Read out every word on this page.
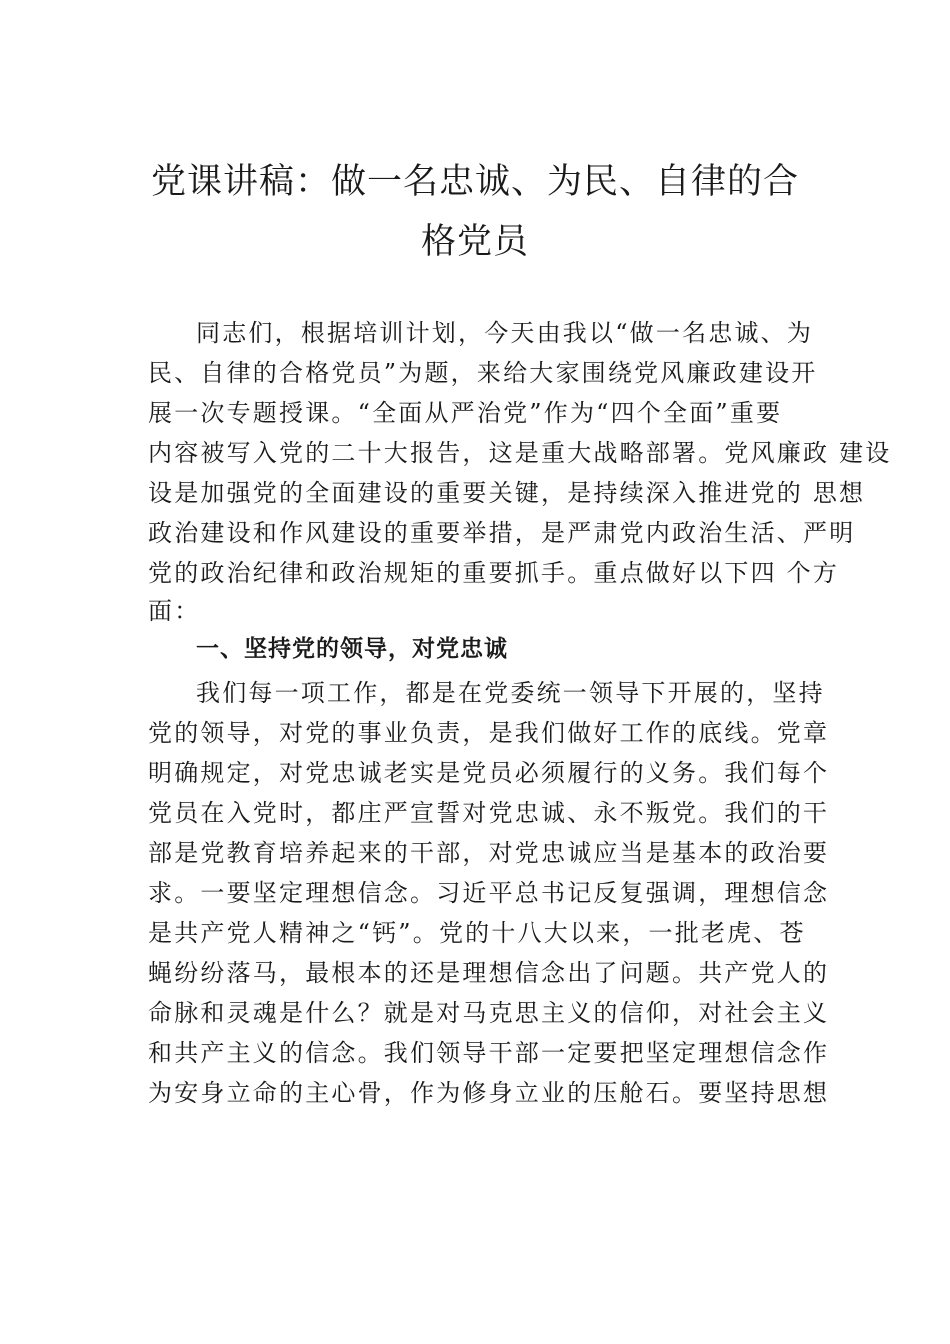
党课讲稿：做一名忠诚、为民、自律的合
格党员
同志们，根据培训计划，今天由我以“做一名忠诚、为
民、自律的合格党员”为题，来给大家围绕党风廉政建设开
展一次专题授课。“全面从严治党”作为“四个全面”重要
内容被写入党的二十大报告，这是重大战略部署。党风廉政 建设
设是加强党的全面建设的重要关键，是持续深入推进党的 思想
政治建设和作风建设的重要举措，是严肃党内政治生活、严明
党的政治纪律和政治规矩的重要抓手。重点做好以下四 个方
面：
一、坚持党的领导，对党忠诚
我们每一项工作，都是在党委统一领导下开展的，坚持
党的领导，对党的事业负责，是我们做好工作的底线。党章
明确规定，对党忠诚老实是党员必须履行的义务。我们每个
党员在入党时，都庄严宣誓对党忠诚、永不叛党。我们的干
部是党教育培养起来的干部，对党忠诚应当是基本的政治要
求。一要坚定理想信念。习近平总书记反复强调，理想信念
是共产党人精神之“钙”。党的十八大以来，一批老虎、苍
蝇纷纷落马，最根本的还是理想信念出了问题。共产党人的
命脉和灵魂是什么？就是对马克思主义的信仰，对社会主义
和共产主义的信念。我们领导干部一定要把坚定理想信念作
为安身立命的主心骨，作为修身立业的压舱石。要坚持思想
